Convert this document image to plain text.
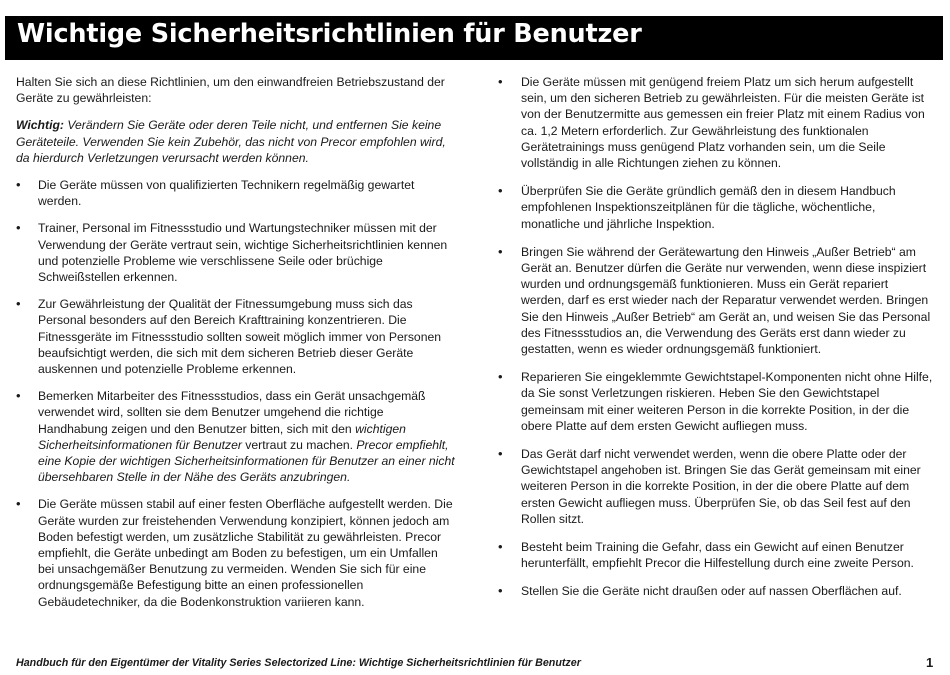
Wichtige Sicherheitsrichtlinien für Benutzer

Halten Sie sich an diese Richtlinien, um den einwandfreien Betriebszustand der Geräte zu gewährleisten:

Wichtig: Verändern Sie Geräte oder deren Teile nicht, und entfernen Sie keine Geräteteile. Verwenden Sie kein Zubehör, das nicht von Precor empfohlen wird, da hierdurch Verletzungen verursacht werden können.

• Die Geräte müssen von qualifizierten Technikern regelmäßig gewartet werden.
• Trainer, Personal im Fitnessstudio und Wartungstechniker müssen mit der Verwendung der Geräte vertraut sein, wichtige Sicherheitsrichtlinien kennen und potenzielle Probleme wie verschlissene Seile oder brüchige Schweißstellen erkennen.
• Zur Gewährleistung der Qualität der Fitnessumgebung muss sich das Personal besonders auf den Bereich Krafttraining konzentrieren. Die Fitnessgeräte im Fitnessstudio sollten soweit möglich immer von Personen beaufsichtigt werden, die sich mit dem sicheren Betrieb dieser Geräte auskennen und potenzielle Probleme erkennen.
• Bemerken Mitarbeiter des Fitnessstudios, dass ein Gerät unsachgemäß verwendet wird, sollten sie dem Benutzer umgehend die richtige Handhabung zeigen und den Benutzer bitten, sich mit den wichtigen Sicherheitsinformationen für Benutzer vertraut zu machen. Precor empfiehlt, eine Kopie der wichtigen Sicherheitsinformationen für Benutzer an einer nicht übersehbaren Stelle in der Nähe des Geräts anzubringen.
• Die Geräte müssen stabil auf einer festen Oberfläche aufgestellt werden. Die Geräte wurden zur freistehenden Verwendung konzipiert, können jedoch am Boden befestigt werden, um zusätzliche Stabilität zu gewährleisten. Precor empfiehlt, die Geräte unbedingt am Boden zu befestigen, um ein Umfallen bei unsachgemäßer Benutzung zu vermeiden. Wenden Sie sich für eine ordnungsgemäße Befestigung bitte an einen professionellen Gebäudetechniker, da die Bodenkonstruktion variieren kann.
• Die Geräte müssen mit genügend freiem Platz um sich herum aufgestellt sein, um den sicheren Betrieb zu gewährleisten. Für die meisten Geräte ist von der Benutzermitte aus gemessen ein freier Platz mit einem Radius von ca. 1,2 Metern erforderlich. Zur Gewährleistung des funktionalen Gerätetrainings muss genügend Platz vorhanden sein, um die Seile vollständig in alle Richtungen ziehen zu können.
• Überprüfen Sie die Geräte gründlich gemäß den in diesem Handbuch empfohlenen Inspektionszeitplänen für die tägliche, wöchentliche, monatliche und jährliche Inspektion.
• Bringen Sie während der Gerätewartung den Hinweis „Außer Betrieb“ am Gerät an. Benutzer dürfen die Geräte nur verwenden, wenn diese inspiziert wurden und ordnungsgemäß funktionieren. Muss ein Gerät repariert werden, darf es erst wieder nach der Reparatur verwendet werden. Bringen Sie den Hinweis „Außer Betrieb“ am Gerät an, und weisen Sie das Personal des Fitnessstudios an, die Verwendung des Geräts erst dann wieder zu gestatten, wenn es wieder ordnungsgemäß funktioniert.
• Reparieren Sie eingeklemmte Gewichtstapel-Komponenten nicht ohne Hilfe, da Sie sonst Verletzungen riskieren. Heben Sie den Gewichtstapel gemeinsam mit einer weiteren Person in die korrekte Position, in der die obere Platte auf dem ersten Gewicht aufliegen muss.
• Das Gerät darf nicht verwendet werden, wenn die obere Platte oder der Gewichtstapel angehoben ist. Bringen Sie das Gerät gemeinsam mit einer weiteren Person in die korrekte Position, in der die obere Platte auf dem ersten Gewicht aufliegen muss. Überprüfen Sie, ob das Seil fest auf den Rollen sitzt.
• Besteht beim Training die Gefahr, dass ein Gewicht auf einen Benutzer herunterfällt, empfiehlt Precor die Hilfestellung durch eine zweite Person.
• Stellen Sie die Geräte nicht draußen oder auf nassen Oberflächen auf.
Handbuch für den Eigentümer der Vitality Series Selectorized Line: Wichtige Sicherheitsrichtlinien für Benutzer	1
